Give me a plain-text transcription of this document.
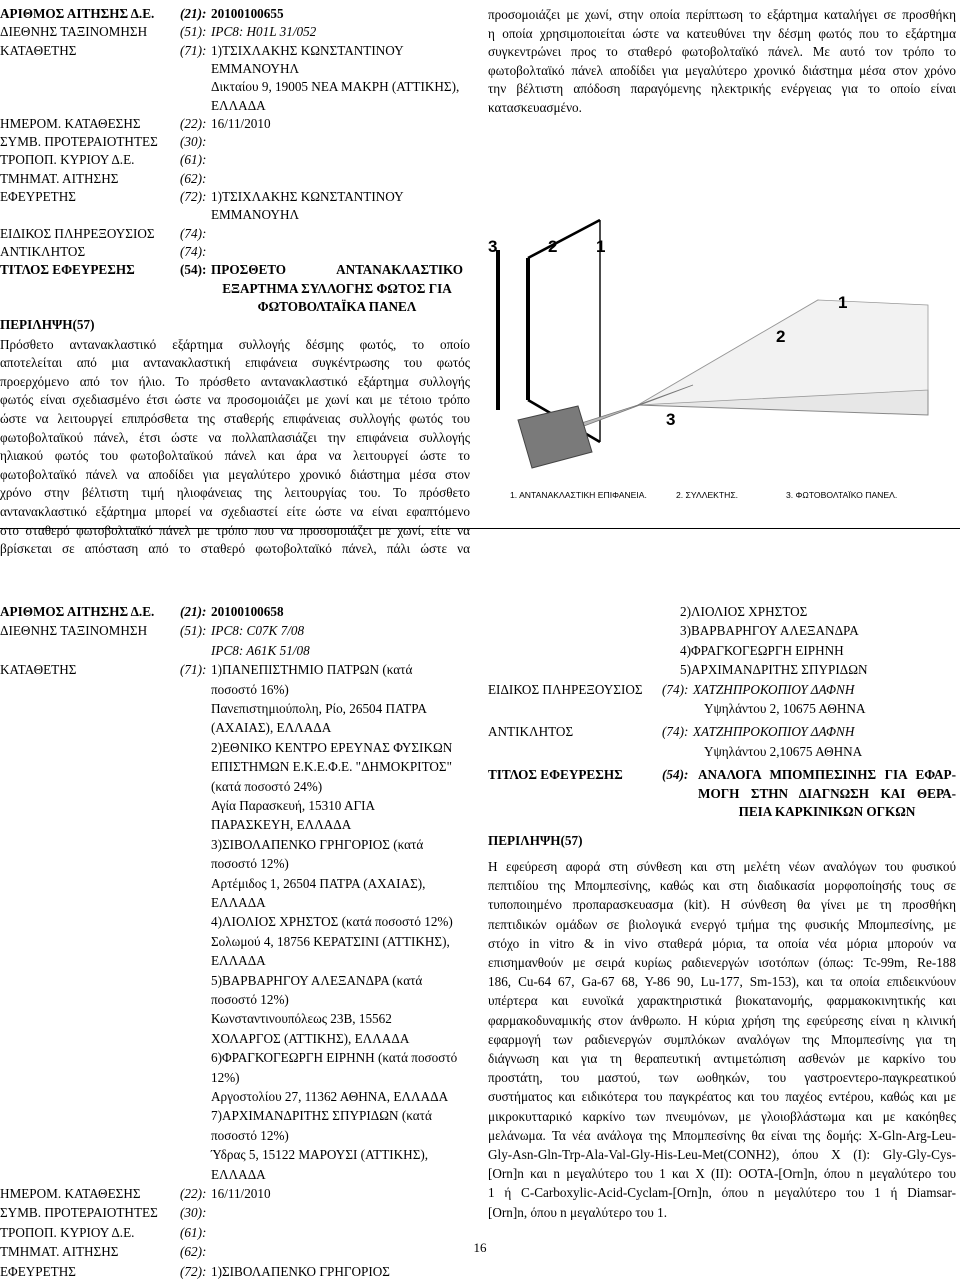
ΑΡΙΘΜΟΣ ΑΙΤΗΣΗΣ Δ.Ε. (21): 20100100655
ΔΙΕΘΝΗΣ ΤΑΞΙΝΟΜΗΣΗ (51): IPC8: H01L 31/052
ΚΑΤΑΘΕΤΗΣ	(71): 1)ΤΣΙΧΛΑΚΗΣ ΚΩΝΣΤΑΝΤΙΝΟΥ
ΕΜΜΑΝΟΥΗΛ
Δικταίου 9, 19005 ΝΕΑ ΜΑΚΡΗ (ΑΤΤΙΚΗΣ),
ΕΛΛΑΔΑ
ΗΜΕΡΟΜ. ΚΑΤΑΘΕΣΗΣ	(22): 16/11/2010
ΣΥΜΒ. ΠΡΟΤΕΡΑΙΟΤΗΤΕΣ (30):
ΤΡΟΠΟΠ. ΚΥΡΙΟΥ Δ.Ε.	(61):
ΤΜΗΜΑΤ. ΑΙΤΗΣΗΣ	(62):
ΕΦΕΥΡΕΤΗΣ	(72): 1)ΤΣΙΧΛΑΚΗΣ ΚΩΝΣΤΑΝΤΙΝΟΥ
ΕΜΜΑΝΟΥΗΛ
ΕΙΔΙΚΟΣ ΠΛΗΡΕΞΟΥΣΙΟΣ (74):
ΑΝΤΙΚΛΗΤΟΣ	(74):
ΤΙΤΛΟΣ ΕΦΕΥΡΕΣΗΣ	(54): ΠΡΟΣΘΕΤΟ ΑΝΤΑΝΑΚΛΑΣΤΙΚΟ
ΕΞΑΡΤΗΜΑ ΣΥΛΛΟΓΗΣ ΦΩΤΟΣ ΓΙΑ
ΦΩΤΟΒΟΛΤΑΪΚΑ ΠΑΝΕΛ
ΠΕΡΙΛΗΨΗ(57)
Πρόσθετο αντανακλαστικό εξάρτημα συλλογής δέσμης φωτός, το οποίο
αποτελείται από μια αντανακλαστική επιφάνεια συγκέντρωσης του φωτός
προερχόμενο από τον ήλιο. Το πρόσθετο αντανακλαστικό εξάρτημα συλλογής
φωτός είναι σχεδιασμένο έτσι ώστε να προσομοιάζει με χωνί και με τέτοιο τρόπο
ώστε να λειτουργεί επιπρόσθετα της σταθερής επιφάνειας συλλογής φωτός του
φωτοβολταϊκού πάνελ, έτσι ώστε να πολλαπλασιάζει την επιφάνεια συλλογής
ηλιακού φωτός του φωτοβολταϊκού πάνελ και άρα να λειτουργεί ώστε το
φωτοβολταϊκό πάνελ να αποδίδει για μεγαλύτερο χρονικό διάστημα μέσα στον
χρόνο στην βέλτιστη τιμή ηλιοφάνειας της λειτουργίας του. Το πρόσθετο
αντανακλαστικό εξάρτημα μπορεί να σχεδιαστεί είτε ώστε να είναι εφαπτόμενο
στο σταθερό φωτοβολταϊκό πάνελ με τρόπο που να προσομοιάζει με χωνί, είτε να
βρίσκεται σε απόσταση από το σταθερό φωτοβολταϊκό πάνελ, πάλι ώστε να
προσομοιάζει με χωνί, στην οποία περίπτωση το εξάρτημα καταλήγει σε προσθήκη
η οποία χρησιμοποιείται ώστε να κατευθύνει την δέσμη φωτός που το εξάρτημα
συγκεντρώνει προς το σταθερό φωτοβολταϊκό πάνελ. Με αυτό τον τρόπο το
φωτοβολταϊκό πάνελ αποδίδει για μεγαλύτερο χρονικό διάστημα μέσα στον χρόνο
την βέλτιστη απόδοση παραγόμενης ηλεκτρικής ενέργειας για το οποίο είναι
κατασκευασμένο.
3	2 1
1
2
3
1. ΑΝΤΑΝΑΚΛΑΣΤΙΚΗ ΕΠΙΦΑΝΕΙΑ.	2. ΣΥΛΛΕΚΤΗΣ.	3. ΦΩΤΟΒΟΛΤΑΪΚΟ ΠΑΝΕΛ.
ΑΡΙΘΜΟΣ ΑΙΤΗΣΗΣ Δ.Ε. (21): 20100100658
ΔΙΕΘΝΗΣ ΤΑΞΙΝΟΜΗΣΗ (51): IPC8: C07K 7/08
IPC8: A61K 51/08
ΚΑΤΑΘΕΤΗΣ	(71): 1)ΠΑΝΕΠΙΣΤΗΜΙΟ ΠΑΤΡΩΝ (κατά
ποσοστό 16%)
Πανεπιστημιούπολη, Ρίο, 26504 ΠΑΤΡΑ
(ΑΧΑΙΑΣ), ΕΛΛΑΔΑ
2)ΕΘΝΙΚΟ ΚΕΝΤΡΟ ΕΡΕΥΝΑΣ ΦΥΣΙΚΩΝ
ΕΠΙΣΤΗΜΩΝ Ε.Κ.Ε.Φ.Ε. "ΔΗΜΟΚΡΙΤΟΣ"
(κατά ποσοστό 24%)
Αγία Παρασκευή, 15310 ΑΓΙΑ
ΠΑΡΑΣΚΕΥΗ, ΕΛΛΑΔΑ
3)ΣΙΒΟΛΑΠΕΝΚΟ ΓΡΗΓΟΡΙΟΣ (κατά
ποσοστό 12%)
Αρτέμιδος 1, 26504 ΠΑΤΡΑ (ΑΧΑΙΑΣ),
ΕΛΛΑΔΑ
4)ΛΙΟΛΙΟΣ ΧΡΗΣΤΟΣ (κατά ποσοστό 12%)
Σολωμού 4, 18756 ΚΕΡΑΤΣΙΝΙ (ΑΤΤΙΚΗΣ),
ΕΛΛΑΔΑ
5)ΒΑΡΒΑΡΗΓΟΥ ΑΛΕΞΑΝΔΡΑ (κατά
ποσοστό 12%)
Κωνσταντινουπόλεως 23Β, 15562
ΧΟΛΑΡΓΟΣ (ΑΤΤΙΚΗΣ), ΕΛΛΑΔΑ
6)ΦΡΑΓΚΟΓΕΩΡΓΗ ΕΙΡΗΝΗ (κατά ποσοστό
12%)
Αργοστολίου 27, 11362 ΑΘΗΝΑ, ΕΛΛΑΔΑ
7)ΑΡΧΙΜΑΝΔΡΙΤΗΣ ΣΠΥΡΙΔΩΝ (κατά
ποσοστό 12%)
Ύδρας 5, 15122 ΜΑΡΟΥΣΙ (ΑΤΤΙΚΗΣ),
ΕΛΛΑΔΑ
ΗΜΕΡΟΜ. ΚΑΤΑΘΕΣΗΣ	(22): 16/11/2010
ΣΥΜΒ. ΠΡΟΤΕΡΑΙΟΤΗΤΕΣ (30):
ΤΡΟΠΟΠ. ΚΥΡΙΟΥ Δ.Ε.	(61):
ΤΜΗΜΑΤ. ΑΙΤΗΣΗΣ	(62):
ΕΦΕΥΡΕΤΗΣ	(72): 1)ΣΙΒΟΛΑΠΕΝΚΟ ΓΡΗΓΟΡΙΟΣ
2)ΛΙΟΛΙΟΣ ΧΡΗΣΤΟΣ
3)ΒΑΡΒΑΡΗΓΟΥ ΑΛΕΞΑΝΔΡΑ
4)ΦΡΑΓΚΟΓΕΩΡΓΗ ΕΙΡΗΝΗ
5)ΑΡΧΙΜΑΝΔΡΙΤΗΣ ΣΠΥΡΙΔΩΝ
ΕΙΔΙΚΟΣ ΠΛΗΡΕΞΟΥΣΙΟΣ (74): ΧΑΤΖΗΠΡΟΚΟΠΙΟΥ ΔΑΦΝΗ
Υψηλάντου 2, 10675 ΑΘΗΝΑ
ΑΝΤΙΚΛΗΤΟΣ	(74): ΧΑΤΖΗΠΡΟΚΟΠΙΟΥ ΔΑΦΝΗ
Υψηλάντου 2,10675 ΑΘΗΝΑ
ΤΙΤΛΟΣ ΕΦΕΥΡΕΣΗΣ	(54): ΑΝΑΛΟΓΑ ΜΠΟΜΠΕΣΙΝΗΣ ΓΙΑ ΕΦΑΡ-
ΜΟΓΗ ΣΤΗΝ ΔΙΑΓΝΩΣΗ ΚΑΙ ΘΕΡΑ-
ΠΕΙΑ ΚΑΡΚΙΝΙΚΩΝ ΟΓΚΩΝ
ΠΕΡΙΛΗΨΗ(57)
Η εφεύρεση αφορά στη σύνθεση και στη μελέτη νέων αναλόγων του φυσικού
πεπτιδίου της Μπομπεσίνης, καθώς και στη διαδικασία μορφοποίησής τους σε
τυποποιημένο προπαρασκευασμα (kit). Η σύνθεση θα γίνει με τη προσθήκη
πεπτιδικών ομάδων σε βιολογικά ενεργό τμήμα της φυσικής Μπομπεσίνης, με
στόχο in vitro & in vivo σταθερά μόρια, τα οποία νέα μόρια μπορούν να
επισημανθούν με σειρά κυρίως ραδιενεργών ισοτόπων (όπως: Tc-99m, Re-188
186, Cu-64 67, Ga-67 68, Y-86 90, Lu-177, Sm-153), και τα οποία επιδεικνύουν
υπέρτερα και ευνοϊκά χαρακτηριστικά βιοκατανομής, φαρμακοκινητικής και
φαρμακοδυναμικής στον άνθρωπο. Η κύρια χρήση της εφεύρεσης είναι η κλινική
εφαρμογή των ραδιενεργών συμπλόκων αναλόγων της Μπομπεσίνης για τη
διάγνωση και για τη θεραπευτική αντιμετώπιση ασθενών με καρκίνο του
προστάτη, του μαστού, των ωοθηκών, του γαστροεντερο-παγκρεατικού
συστήματος και ειδικότερα του παγκρέατος και του παχέος εντέρου, καθώς και με
μικροκυτταρικό καρκίνο των πνευμόνων, με γλοιοβλάστωμα και με κακόηθες
μελάνωμα. Τα νέα ανάλογα της Μπομπεσίνης θα είναι της δομής: X-Gln-Arg-Leu-
Gly-Asn-Gln-Trp-Ala-Val-Gly-His-Leu-Met(CONH2), όπου X (I): Gly-Gly-Cys-
[Orn]n και n μεγαλύτερο του 1 και X (II): OOTA-[Orn]n, όπου n μεγαλύτερο του
1 ή C-Carboxylic-Acid-Cyclam-[Orn]n, όπου n μεγαλύτερο του 1 ή Diamsar-
[Orn]n, όπου n μεγαλύτερο του 1.
16
